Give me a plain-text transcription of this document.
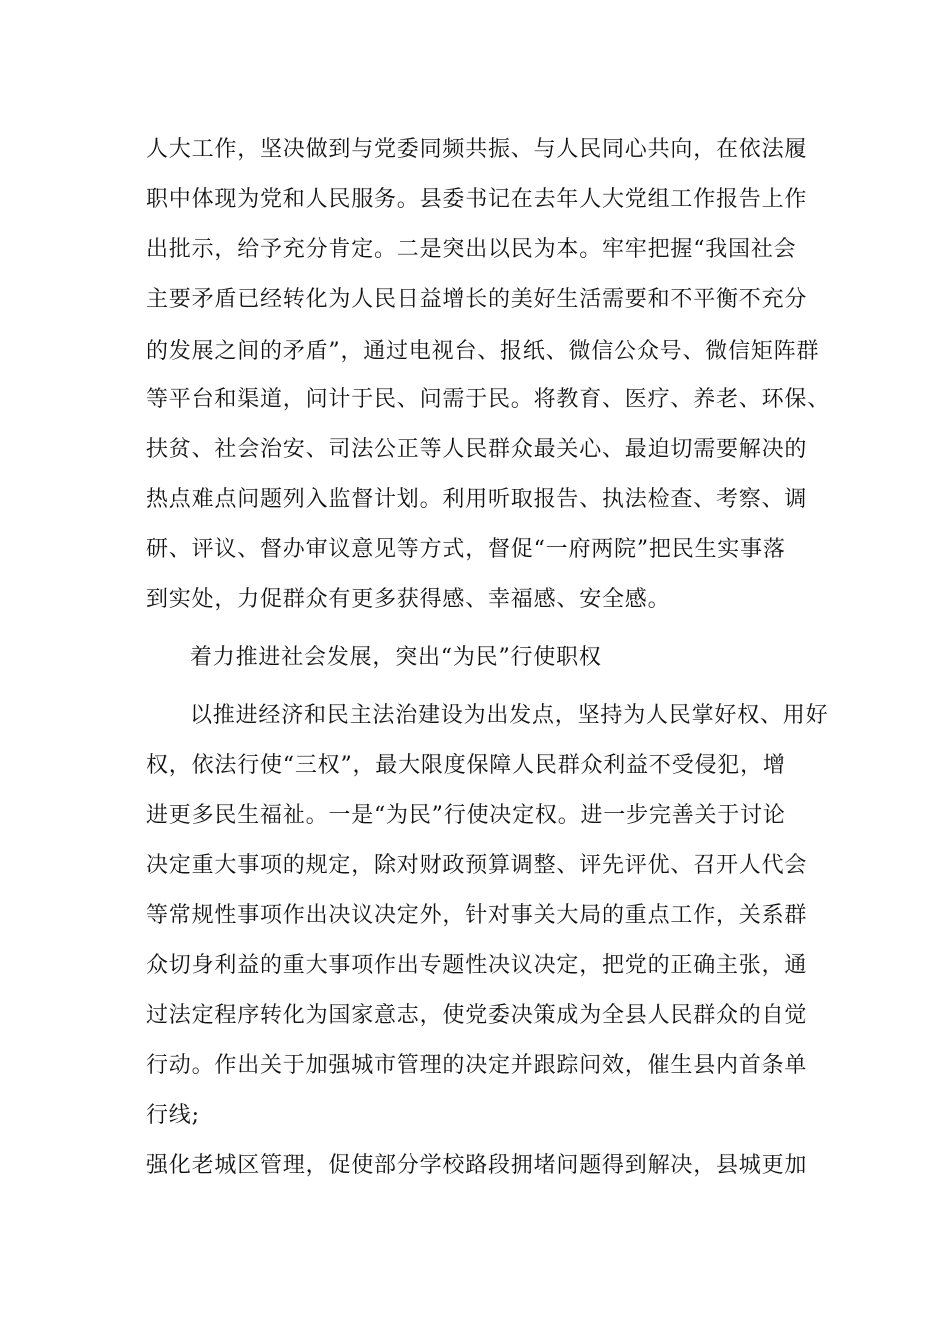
人大工作，坚决做到与党委同频共振、与人民同心共向，在依法履

职中体现为党和人民服务。县委书记在去年人大党组工作报告上作

出批示，给予充分肯定。二是突出以民为本。牢牢把握“我国社会

主要矛盾已经转化为人民日益增长的美好生活需要和不平衡不充分

的发展之间的矛盾”，通过电视台、报纸、微信公众号、微信矩阵群

等平台和渠道，问计于民、问需于民。将教育、医疗、养老、环保、

扶贫、社会治安、司法公正等人民群众最关心、最迫切需要解决的

热点难点问题列入监督计划。利用听取报告、执法检查、考察、调

研、评议、督办审议意见等方式，督促“一府两院”把民生实事落

到实处，力促群众有更多获得感、幸福感、安全感。

着力推进社会发展，突出“为民”行使职权

以推进经济和民主法治建设为出发点，坚持为人民掌好权、用好

权，依法行使“三权”，最大限度保障人民群众利益不受侵犯，增

进更多民生福祉。一是“为民”行使决定权。进一步完善关于讨论

决定重大事项的规定，除对财政预算调整、评先评优、召开人代会

等常规性事项作出决议决定外，针对事关大局的重点工作，关系群

众切身利益的重大事项作出专题性决议决定，把党的正确主张，通

过法定程序转化为国家意志，使党委决策成为全县人民群众的自觉

行动。作出关于加强城市管理的决定并跟踪问效，催生县内首条单

行线;

强化老城区管理，促使部分学校路段拥堵问题得到解决，县城更加
